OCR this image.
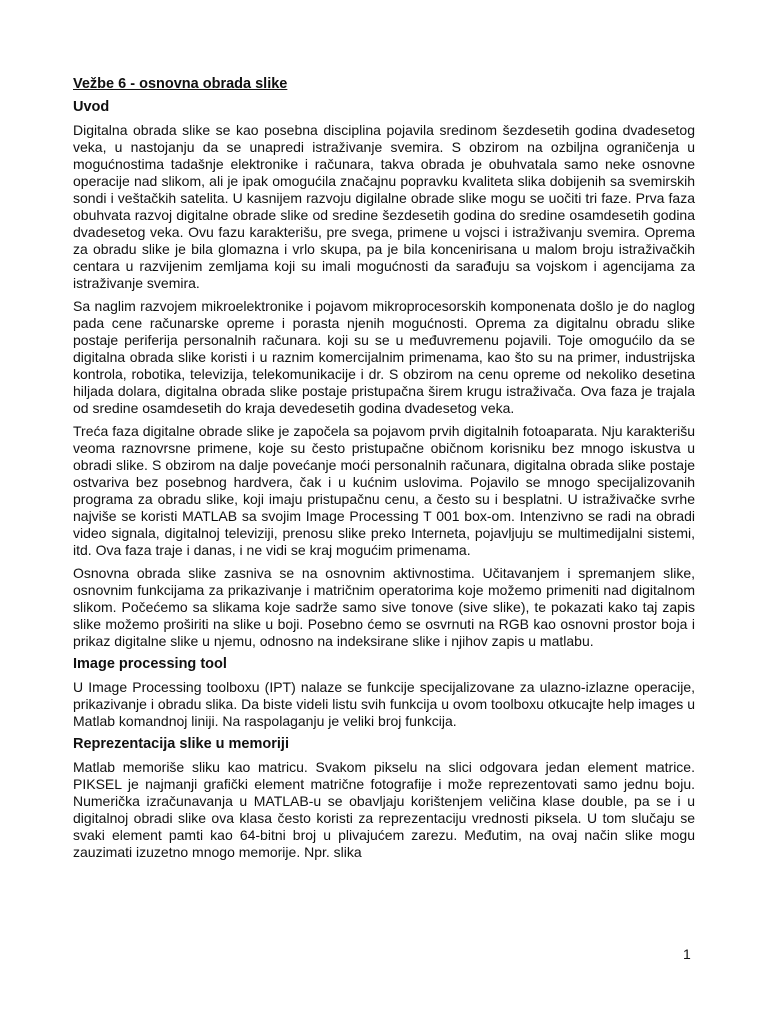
Vežbe 6 - osnovna obrada slike
Uvod

Digitalna obrada slike se kao posebna disciplina pojavila sredinom šezdesetih godina dvadesetog veka, u nastojanju da se unapredi istraživanje svemira. S obzirom na ozbiljna ograničenja u mogućnostima tadašnje elektronike i računara, takva obrada je obuhvatala samo neke osnovne operacije nad slikom, ali je ipak omogućila značajnu popravku kvaliteta slika dobijenih sa svemirskih sondi i veštačkih satelita. U kasnijem razvoju digilalne obrade slike mogu se uočiti tri faze. Prva faza obuhvata razvoj digitalne obrade slike od sredine šezdesetih godina do sredine osamdesetih godina dvadesetog veka. Ovu fazu karakterišu, pre svega, primene u vojsci i istraživanju svemira. Oprema za obradu slike je bila glomazna i vrlo skupa, pa je bila koncenirisana u malom broju istraživačkih centara u razvijenim zemljama koji su imali mogućnosti da sarađuju sa vojskom i agencijama za istraživanje svemira.

Sa naglim razvojem mikroelektronike i pojavom mikroprocesorskih komponenata došlo je do naglog pada cene računarske opreme i porasta njenih mogućnosti. Oprema za digitalnu obradu slike postaje periferija personalnih računara. koji su se u međuvremenu pojavili. Toje omogućilo da se digitalna obrada slike koristi i u raznim komercijalnim primenama, kao što su na primer, industrijska kontrola, robotika, televizija, telekomunikacije i dr. S obzirom na cenu opreme od nekoliko desetina hiljada dolara, digitalna obrada slike postaje pristupačna širem krugu istraživača. Ova faza je trajala od sredine osamdesetih do kraja devedesetih godina dvadesetog veka.

Treća faza digitalne obrade slike je započela sa pojavom prvih digitalnih fotoaparata. Nju karakterišu veoma raznovrsne primene, koje su često pristupačne običnom korisniku bez mnogo iskustva u obradi slike. S obzirom na dalje povećanje moći personalnih računara, digitalna obrada slike postaje ostvariva bez posebnog hardvera, čak i u kućnim uslovima. Pojavilo se mnogo specijalizovanih programa za obradu slike, koji imaju pristupačnu cenu, a često su i besplatni. U istraživačke svrhe najviše se koristi MATLAB sa svojim Image Processing T 001 box-om. Intenzivno se radi na obradi video signala, digitalnoj televiziji, prenosu slike preko Interneta, pojavljuju se multimedijalni sistemi, itd. Ova faza traje i danas, i ne vidi se kraj mogućim primenama.

Osnovna obrada slike zasniva se na osnovnim aktivnostima. Učitavanjem i spremanjem slike, osnovnim funkcijama za prikazivanje i matričnim operatorima koje možemo primeniti nad digitalnom slikom. Počećemo sa slikama koje sadrže samo sive tonove (sive slike), te pokazati kako taj zapis slike možemo proširiti na slike u boji. Posebno ćemo se osvrnuti na RGB kao osnovni prostor boja i prikaz digitalne slike u njemu, odnosno na indeksirane slike i njihov zapis u matlabu.

Image processing tool

U Image Processing toolboxu (IPT) nalaze se funkcije specijalizovane za ulazno-izlazne operacije, prikazivanje i obradu slika. Da biste videli listu svih funkcija u ovom toolboxu otkucajte help images u Matlab komandnoj liniji. Na raspolaganju je veliki broj funkcija.

Reprezentacija slike u memoriji

Matlab memoriše sliku kao matricu. Svakom pikselu na slici odgovara jedan element matrice. PIKSEL je najmanji grafički element matrične fotografije i može reprezentovati samo jednu boju. Numerička izračunavanja u MATLAB-u se obavljaju korištenjem veličina klase double, pa se i u digitalnoj obradi slike ova klasa često koristi za reprezentaciju vrednosti piksela. U tom slučaju se svaki element pamti kao 64-bitni broj u plivajućem zarezu. Međutim, na ovaj način slike mogu zauzimati izuzetno mnogo memorije. Npr. slika

1
